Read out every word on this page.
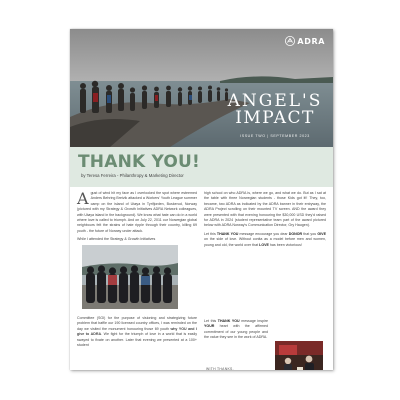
ADRA
ANGEL'S
IMPACT
ISSUE TWO | SEPTEMBER 2023
THANK YOU!
by Teresa Ferreira - Philanthropy & Marketing Director

Agust of wind hit my face as I overlooked the spot where esteemed Anders Behring Breivik attacked a Workers' Youth League summer camp on the island of Utøya in Tyrifjorden, Buskerud, Norway (pictured with my Strategy & Growth Initiatives ADRA Network colleagues, with Utøya island in the background). We know what hate can do in a world where love is called to triumph. And on July 22, 2011 our Norwegian global neighbours felt the strains of hate ripple through their country, killing 69 youth - the future of Norway under attack.

While I attended the Strategy & Growth Initiatives

Committee (SGI) for the purpose of visioning and strategizing future problem that baffle our 190 licensed country offices, I was reminded on the day we visited the monument honouring those 69 youth why YOU and I give to ADRA. We fight for the triumph of love in a world that is easily swayed to fixate on another. Later that evening we presented at a 100+ student

high school on who ADRA is, where we go, and what we do. But as I sat at the table with three Norwegian students - those Kids got it!! They, too, became, two ADRA as indicated by the ADRA banner in their entryway, the ADRA Project scrolling on their mounted TV screen. AND the award they were presented with that evening honouring the $30,000 USD they'd raised for ADRA in 2024 (student representative team part of the award pictured below with ADRA Norway's Communication Director, Gry Haugen).

Let this THANK YOU message encourage you dear DONOR that you GIVE on the side of love. Without conita as a model before men and women, young and old, the world over that LOVE has been victorious!

Let this THANK YOU message inspire YOUR heart with the affirmed commitment of our young people and the value they see in the work of ADRA.
WITH THANKS,
